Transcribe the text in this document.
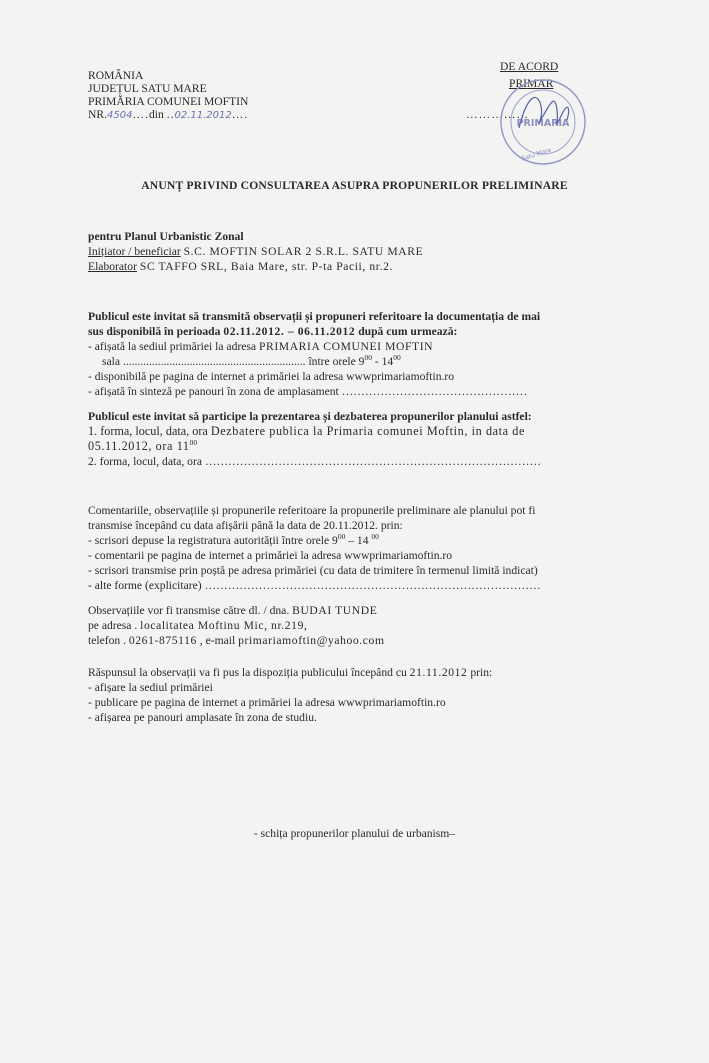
ROMÂNIA
JUDEȚUL SATU MARE
PRIMĂRIA COMUNEI MOFTIN
NR.4504….din ..02.11.2012….
DE ACORD
PRIMAR
……………
PRIMARIA
Satu Mare
ANUNȚ PRIVIND CONSULTAREA ASUPRA PROPUNERILOR PRELIMINARE
pentru Planul Urbanistic Zonal
Inițiator / beneficiar S.C. MOFTIN SOLAR 2 S.R.L. SATU MARE
Elaborator SC TAFFO SRL, Baia Mare, str. P-ta Pacii, nr.2.
Publicul este invitat să transmită observații și propuneri referitoare la documentația de mai
sus disponibilă în perioada 02.11.2012. – 06.11.2012 după cum urmează:
- afișată la sediul primăriei la adresa PRIMARIA COMUNEI MOFTIN
sala ............................................................... între orele $9^{00} - 14^{00}$
- disponibilă pe pagina de internet a primăriei la adresa wwwprimariamoftin.ro
- afișată în sinteză pe panouri în zona de amplasament …………………………………………
Publicul este invitat să participe la prezentarea și dezbaterea propunerilor planului astfel:
1. forma, locul, data, ora Dezbatere publica la Primaria comunei Moftin, in data de
05.11.2012, ora $11^{00}$
2. forma, locul, data, ora ……………………………………………………………………………
Comentariile, observațiile și propunerile referitoare la propunerile preliminare ale planului pot fi
transmise începând cu data afișării până la data de 20.11.2012. prin:
- scrisori depuse la registratura autorității între orele $9^{00} - 14$ $^{00}$
- comentarii pe pagina de internet a primăriei la adresa wwwprimariamoftin.ro
- scrisori transmise prin poștă pe adresa primăriei (cu data de trimitere în termenul limită indicat)
- alte forme (explicitare) ……………………………………………………………………………
Observațiile vor fi transmise către dl. / dna. BUDAI TUNDE
pe adresa . localitatea Moftinu Mic, nr.219,
telefon . 0261-875116 , e-mail primariamoftin@yahoo.com
Răspunsul la observații va fi pus la dispoziția publicului începând cu 21.11.2012 prin:
- afișare la sediul primăriei
- publicare pe pagina de internet a primăriei la adresa wwwprimariamoftin.ro
- afișarea pe panouri amplasate în zona de studiu.
- schița propunerilor planului de urbanism–
